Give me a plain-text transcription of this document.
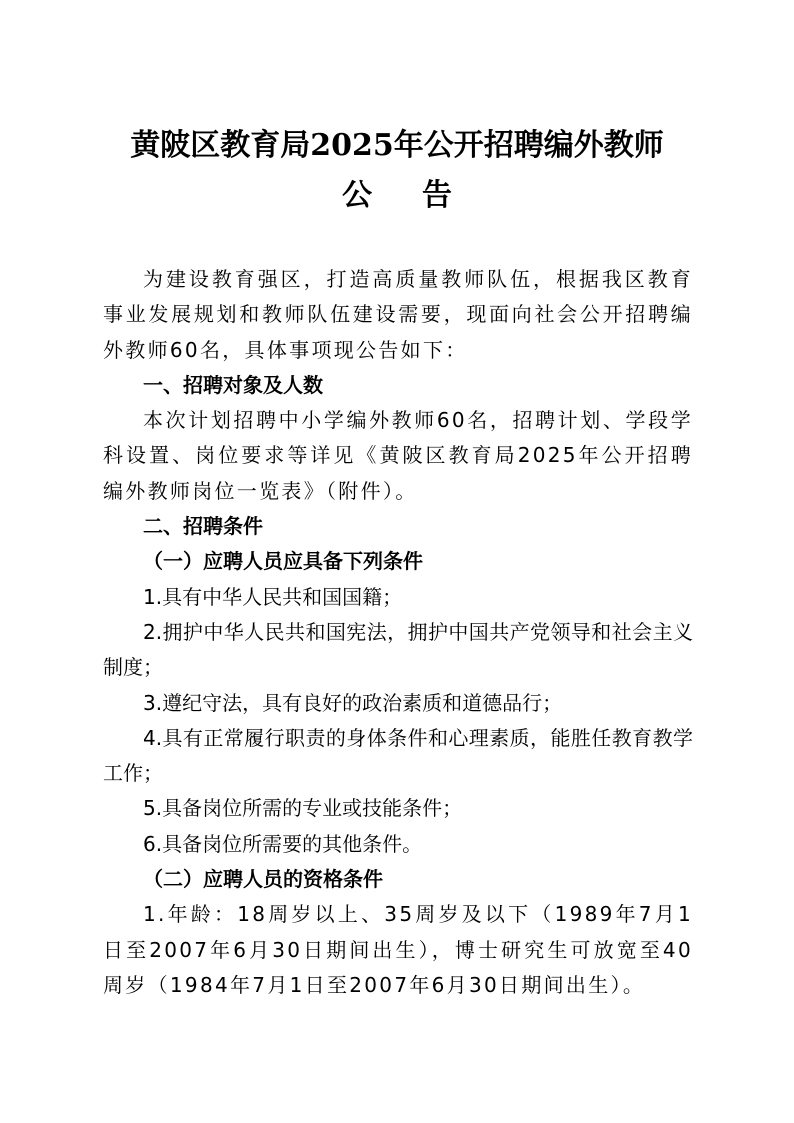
黄陂区教育局2025年公开招聘编外教师
公告

为建设教育强区，打造高质量教师队伍，根据我区教育事业发展规划和教师队伍建设需要，现面向社会公开招聘编外教师60名，具体事项现公告如下：

一、招聘对象及人数

本次计划招聘中小学编外教师60名，招聘计划、学段学科设置、岗位要求等详见《黄陂区教育局2025年公开招聘编外教师岗位一览表》（附件）。

二、招聘条件

（一）应聘人员应具备下列条件

1.具有中华人民共和国国籍；

2.拥护中华人民共和国宪法，拥护中国共产党领导和社会主义制度；

3.遵纪守法，具有良好的政治素质和道德品行；

4.具有正常履行职责的身体条件和心理素质，能胜任教育教学工作；

5.具备岗位所需的专业或技能条件；

6.具备岗位所需要的其他条件。

（二）应聘人员的资格条件

1.年龄：18周岁以上、35周岁及以下（1989年7月1日至2007年6月30日期间出生），博士研究生可放宽至40周岁（1984年7月1日至2007年6月30日期间出生）。
